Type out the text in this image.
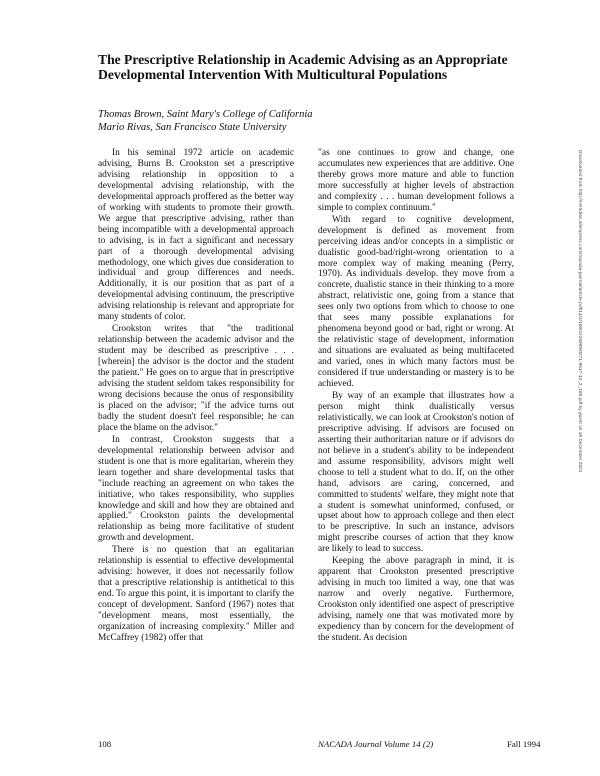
The Prescriptive Relationship in Academic Advising as an Appropriate Developmental Intervention With Multicultural Populations
Thomas Brown, Saint Mary's College of California
Mario Rivas, San Francisco State University

In his seminal 1972 article on academic advising, Burns B. Crookston set a prescriptive advising relationship in opposition to a developmental advising relationship, with the developmental approach proffered as the better way of working with students to promote their growth. We argue that prescriptive advising, rather than being incompatible with a developmental approach to advising, is in fact a significant and necessary part of a thorough developmental advising methodology, one which gives due consideration to individual and group differences and needs. Additionally, it is our position that as part of a developmental advising continuum, the prescriptive advising relationship is relevant and appropriate for many students of color.

Crookston writes that "the traditional relationship between the academic advisor and the student may be described as prescriptive . . . [wherein] the advisor is the doctor and the student the patient." He goes on to argue that in prescriptive advising the student seldom takes responsibility for wrong decisions because the onus of responsibility is placed on the advisor; "if the advice turns out badly the student doesn't feel responsible; he can place the blame on the advisor."

In contrast, Crookston suggests that a developmental relationship between advisor and student is one that is more egalitarian, wherein they learn together and share developmental tasks that "include reaching an agreement on who takes the initiative, who takes responsibility, who supplies knowledge and skill and how they are obtained and applied." Crookston paints the developmental relationship as being more facilitative of student growth and development.

There is no question that an egalitarian relationship is essential to effective developmental advising: however, it does not necessarily follow that a prescriptive relationship is antithetical to this end. To argue this point, it is important to clarify the concept of development. Sanford (1967) notes that "development means, most essentially, the organization of increasing complexity." Miller and McCaffrey (1982) offer that

"as one continues to grow and change, one accumulates new experiences that are additive. One thereby grows more mature and able to function more successfully at higher levels of abstraction and complexity . . . human development follows a simple to complex continuum."

With regard to cognitive development, development is defined as movement from perceiving ideas and/or concepts in a simplistic or dualistic good-bad/right-wrong orientation to a more complex way of making meaning (Perry, 1970). As individuals develop. they move from a concrete, dualistic stance in their thinking to a more abstract, relativistic one, going from a stance that sees only two options from which to choose to one that sees many possible explanations for phenomena beyond good or bad, right or wrong. At the relativistic stage of development, information and situations are evaluated as being multifaceted and varied, ones in which many factors must be considered if true understanding or mastery is to be achieved.

By way of an example that illustrates how a person might think dualistically versus relativistically, we can look at Crookston's notion of prescriptive advising. If advisors are focused on asserting their authoritarian nature or if advisors do not believe in a student's ability to be independent and assume responsibility, advisors might well choose to tell a student what to do. If, on the other hand, advisors are caring, concerned, and committed to students' welfare, they might note that a student is somewhat uninformed, confused, or upset about how to approach college and then elect to be prescriptive. In such an instance, advisors might prescribe courses of action that they know are likely to lead to success.

Keeping the above paragraph in mind, it is apparent that Crookston presented prescriptive advising in much too limited a way, one that was narrow and overly negative. Furthermore, Crookston only identified one aspect of prescriptive advising, namely one that was motivated more by expediency than by concern for the development of the student. As decision

108	NACADA Journal Volume 14 (2)	Fall 1994
Downloaded from http://meridian.allenpress.com/nacada-journal/article-pdf/14/2/108/2225995/0271-9517-14_2_108.pdf by guest on 18 December 2021
